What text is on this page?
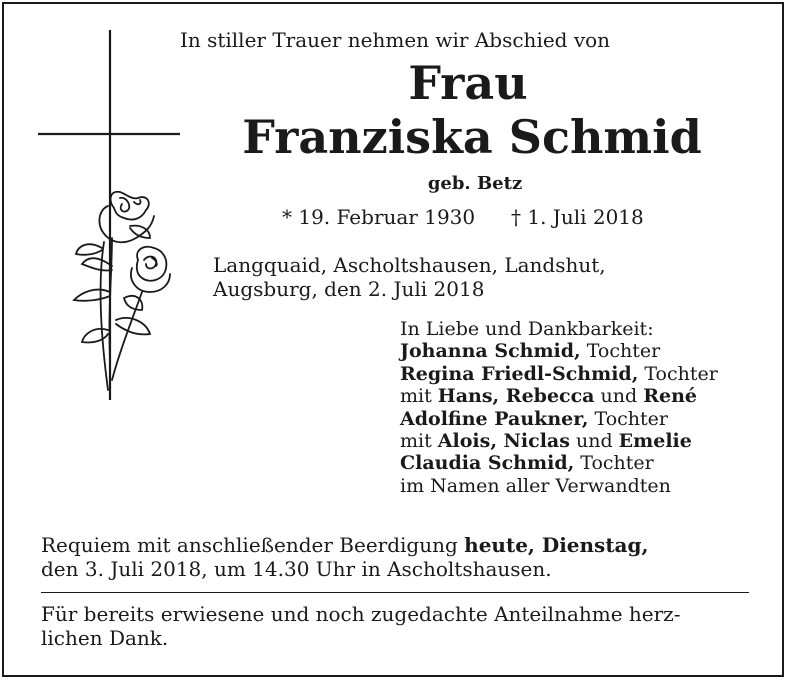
In stiller Trauer nehmen wir Abschied von
Frau
Franziska Schmid
geb. Betz
* 19. Februar 1930 † 1. Juli 2018
Langquaid, Ascholtshausen, Landshut,
Augsburg, den 2. Juli 2018
In Liebe und Dankbarkeit:
Johanna Schmid, Tochter
Regina Friedl-Schmid, Tochter
mit Hans, Rebecca und René
Adolfine Paukner, Tochter
mit Alois, Niclas und Emelie
Claudia Schmid, Tochter
im Namen aller Verwandten
Requiem mit anschließender Beerdigung heute, Dienstag,
den 3. Juli 2018, um 14.30 Uhr in Ascholtshausen.
Für bereits erwiesene und noch zugedachte Anteilnahme herz-
lichen Dank.
